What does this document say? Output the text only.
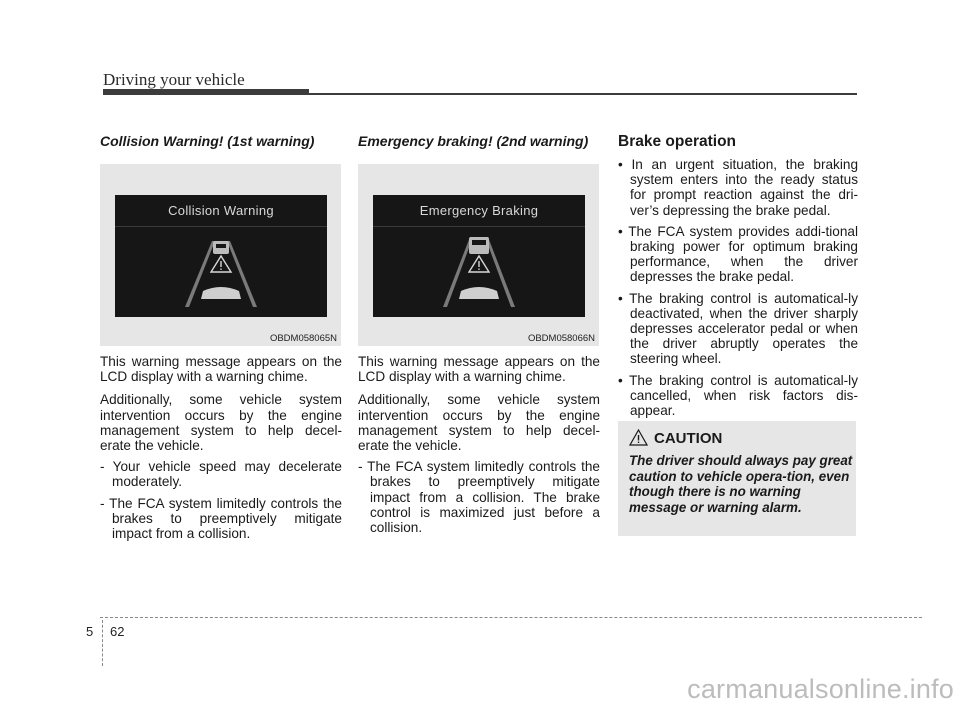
Driving your vehicle

Collision Warning! (1st warning)

Collision Warning
OBDM058065N

This warning message appears on the LCD display with a warning chime.

Additionally, some vehicle system intervention occurs by the engine management system to help decel-erate the vehicle.

- Your vehicle speed may decelerate moderately.

- The FCA system limitedly controls the brakes to preemptively mitigate impact from a collision.

Emergency braking! (2nd warning)

Emergency Braking
OBDM058066N

This warning message appears on the LCD display with a warning chime.

Additionally, some vehicle system intervention occurs by the engine management system to help decel-erate the vehicle.

- The FCA system limitedly controls the brakes to preemptively mitigate impact from a collision. The brake control is maximized just before a collision.

Brake operation

• In an urgent situation, the braking system enters into the ready status for prompt reaction against the dri-ver’s depressing the brake pedal.
• The FCA system provides addi-tional braking power for optimum braking performance, when the driver depresses the brake pedal.
• The braking control is automatical-ly deactivated, when the driver sharply depresses accelerator pedal or when the driver abruptly operates the steering wheel.
• The braking control is automatical-ly cancelled, when risk factors dis-appear.
CAUTION

The driver should always pay great caution to vehicle opera-tion, even though there is no warning message or warning alarm.

5 62
carmanualsonline.info
